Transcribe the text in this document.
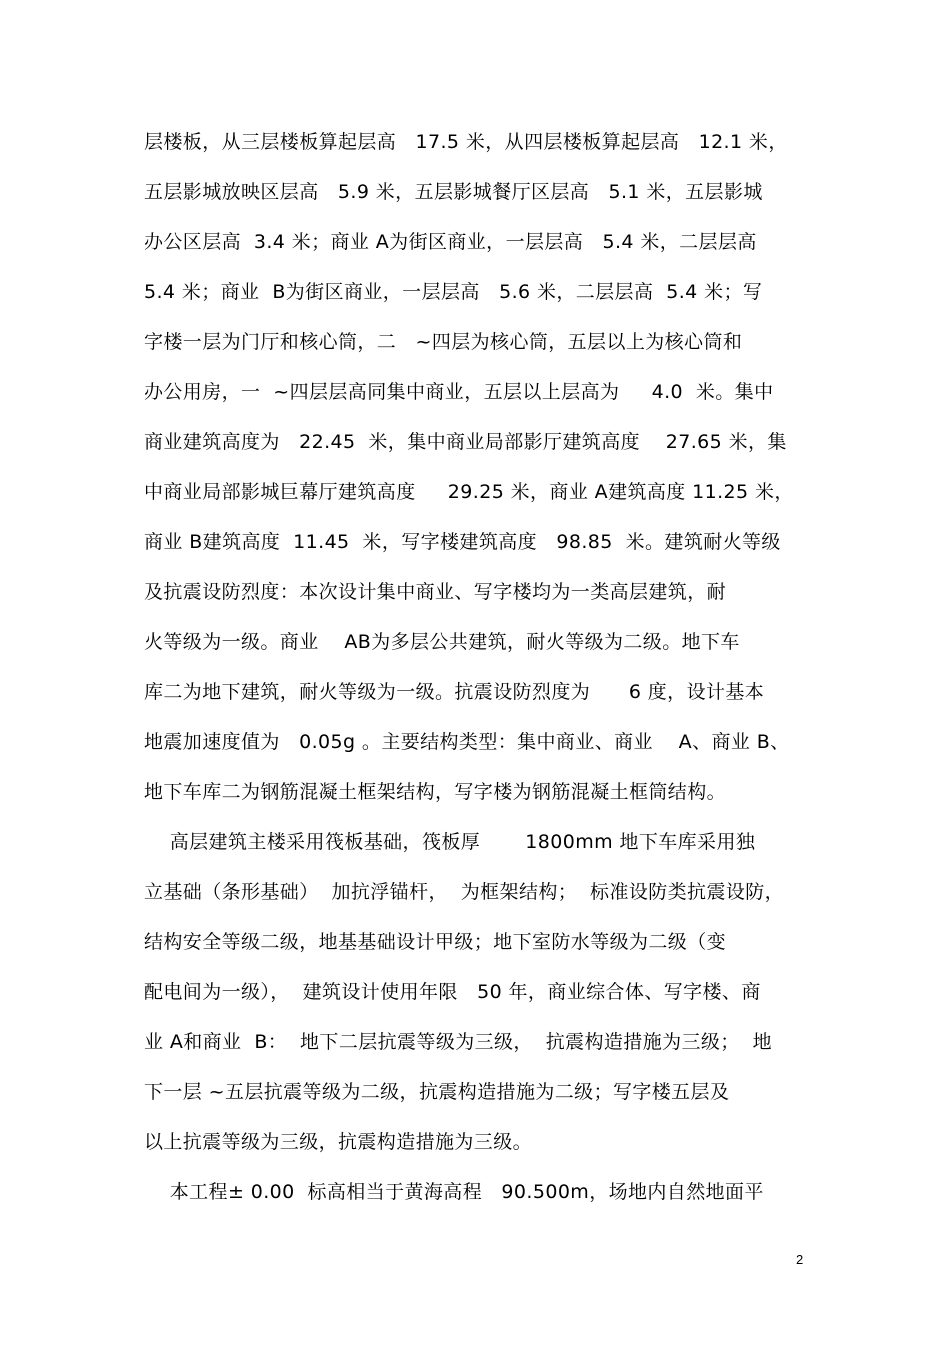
层楼板，从三层楼板算起层高   17.5 米，从四层楼板算起层高   12.1 米，
五层影城放映区层高   5.9 米，五层影城餐厅区层高   5.1 米，五层影城
办公区层高  3.4 米；商业 A为街区商业，一层层高   5.4 米，二层层高
5.4 米；商业  B为街区商业，一层层高   5.6 米，二层层高  5.4 米；写
字楼一层为门厅和核心筒，二   ~四层为核心筒，五层以上为核心筒和
办公用房，一  ~四层层高同集中商业，五层以上层高为     4.0  米。集中
商业建筑高度为   22.45  米，集中商业局部影厅建筑高度    27.65 米，集
中商业局部影城巨幕厅建筑高度     29.25 米，商业 A建筑高度 11.25 米，
商业 B建筑高度  11.45  米，写字楼建筑高度   98.85  米。建筑耐火等级
及抗震设防烈度：本次设计集中商业、写字楼均为一类高层建筑，耐
火等级为一级。商业    AB为多层公共建筑，耐火等级为二级。地下车
库二为地下建筑，耐火等级为一级。抗震设防烈度为      6 度，设计基本
地震加速度值为   0.05g 。主要结构类型：集中商业、商业    A、商业 B、
地下车库二为钢筋混凝土框架结构，写字楼为钢筋混凝土框筒结构。
高层建筑主楼采用筏板基础，筏板厚       1800mm 地下车库采用独
立基础（条形基础）  加抗浮锚杆，  为框架结构；  标准设防类抗震设防，
结构安全等级二级，地基基础设计甲级；地下室防水等级为二级（变
配电间为一级），  建筑设计使用年限   50 年，商业综合体、写字楼、商
业 A和商业  B：  地下二层抗震等级为三级，  抗震构造措施为三级；  地
下一层 ~五层抗震等级为二级，抗震构造措施为二级；写字楼五层及
以上抗震等级为三级，抗震构造措施为三级。
本工程± 0.00  标高相当于黄海高程   90.500m，场地内自然地面平
2
